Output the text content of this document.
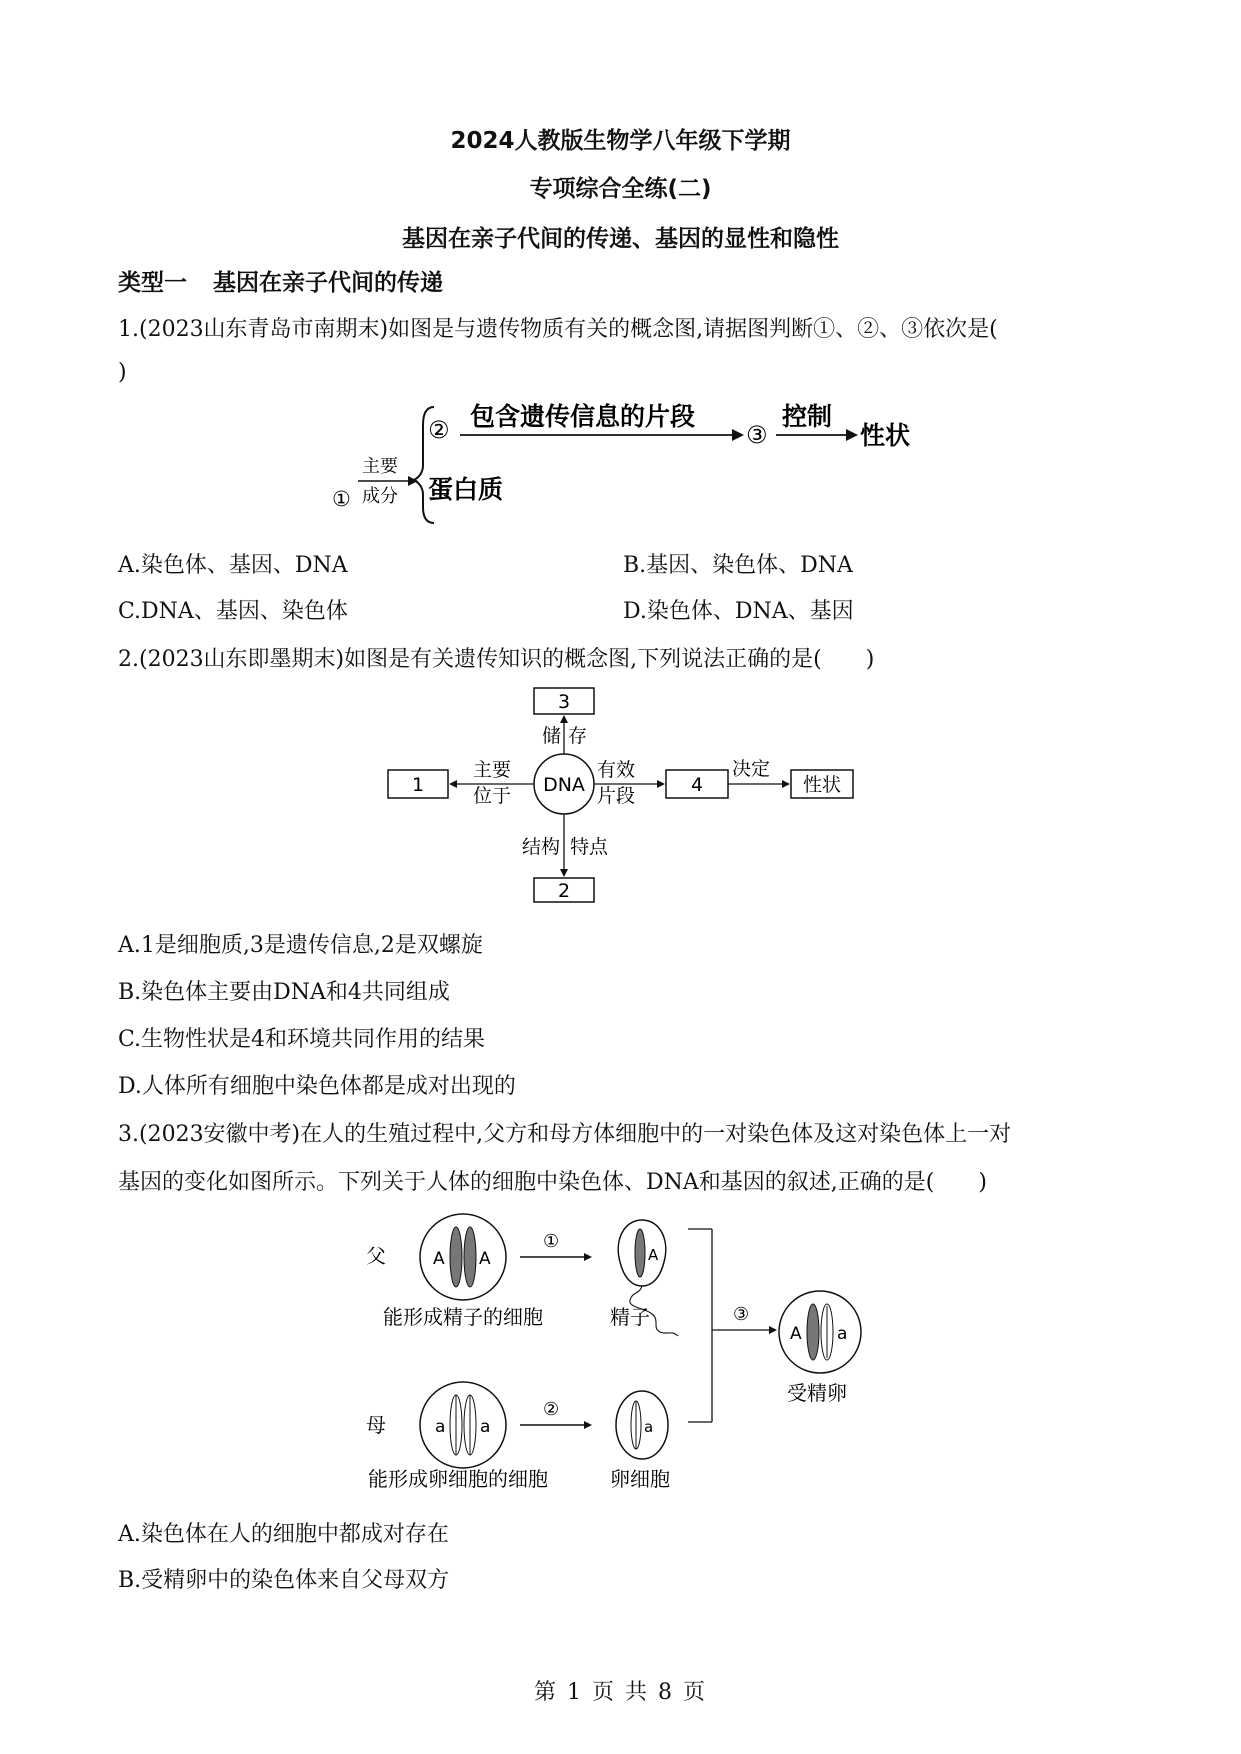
2024人教版生物学八年级下学期
专项综合全练(二)
基因在亲子代间的传递、基因的显性和隐性
类型一 基因在亲子代间的传递
1.(2023山东青岛市南期末)如图是与遗传物质有关的概念图,请据图判断①、②、③依次是(
)
①
主要
成分
② 包含遗传信息的片段
③
控制
性状
蛋白质
A.染色体、基因、DNA	B.基因、染色体、DNA
C.DNA、基因、染色体	D.染色体、DNA、基因
2.(2023山东即墨期末)如图是有关遗传知识的概念图,下列说法正确的是(　　)
3
储 存
DNA
1
主要
位于
有效
片段	4
决定
性状
结构 特点
2
A.1是细胞质,3是遗传信息,2是双螺旋
B.染色体主要由DNA和4共同组成
C.生物性状是4和环境共同作用的结果
D.人体所有细胞中染色体都是成对出现的
3.(2023安徽中考)在人的生殖过程中,父方和母方体细胞中的一对染色体及这对染色体上一对
基因的变化如图所示。下列关于人体的细胞中染色体、DNA和基因的叙述,正确的是(　　)
父	A A
①
A
能形成精子的细胞	精子	③
A a
受精卵
母	a a
②
a
能形成卵细胞的细胞	卵细胞
A.染色体在人的细胞中都成对存在
B.受精卵中的染色体来自父母双方
第 1 页 共 8 页
